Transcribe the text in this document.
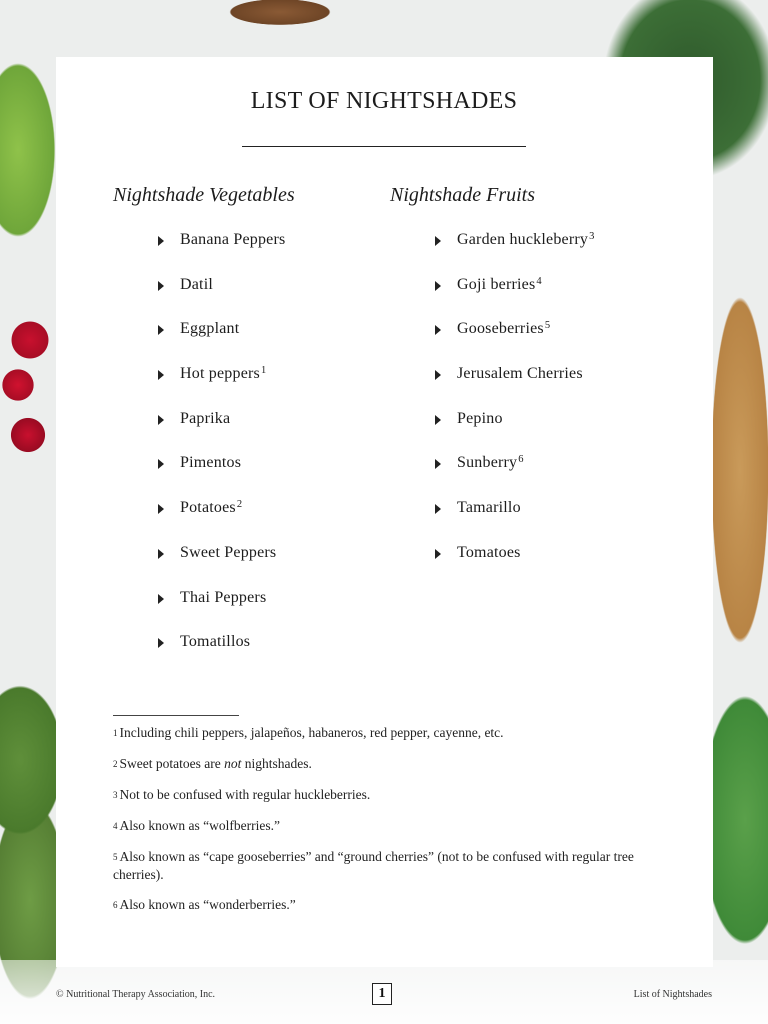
LIST OF NIGHTSHADES
Nightshade Vegetables	Nightshade Fruits
Banana Peppers
Datil
Eggplant
Hot peppers 1
Paprika
Pimentos
Potatoes 2
Sweet Peppers
Thai Peppers
Tomatillos
Garden huckleberry 3
Goji berries 4
Gooseberries 5
Jerusalem Cherries
Pepino
Sunberry 6
Tamarillo
Tomatoes

1 Including chili peppers, jalapeños, habaneros, red pepper, cayenne, etc.

2 Sweet potatoes are not nightshades.

3 Not to be confused with regular huckleberries.

4 Also known as “wolfberries.”

5 Also known as “cape gooseberries” and “ground cherries” (not to be confused with regular tree cherries).

6 Also known as “wonderberries.”

© Nutritional Therapy Association, Inc.	1	List of Nightshades
